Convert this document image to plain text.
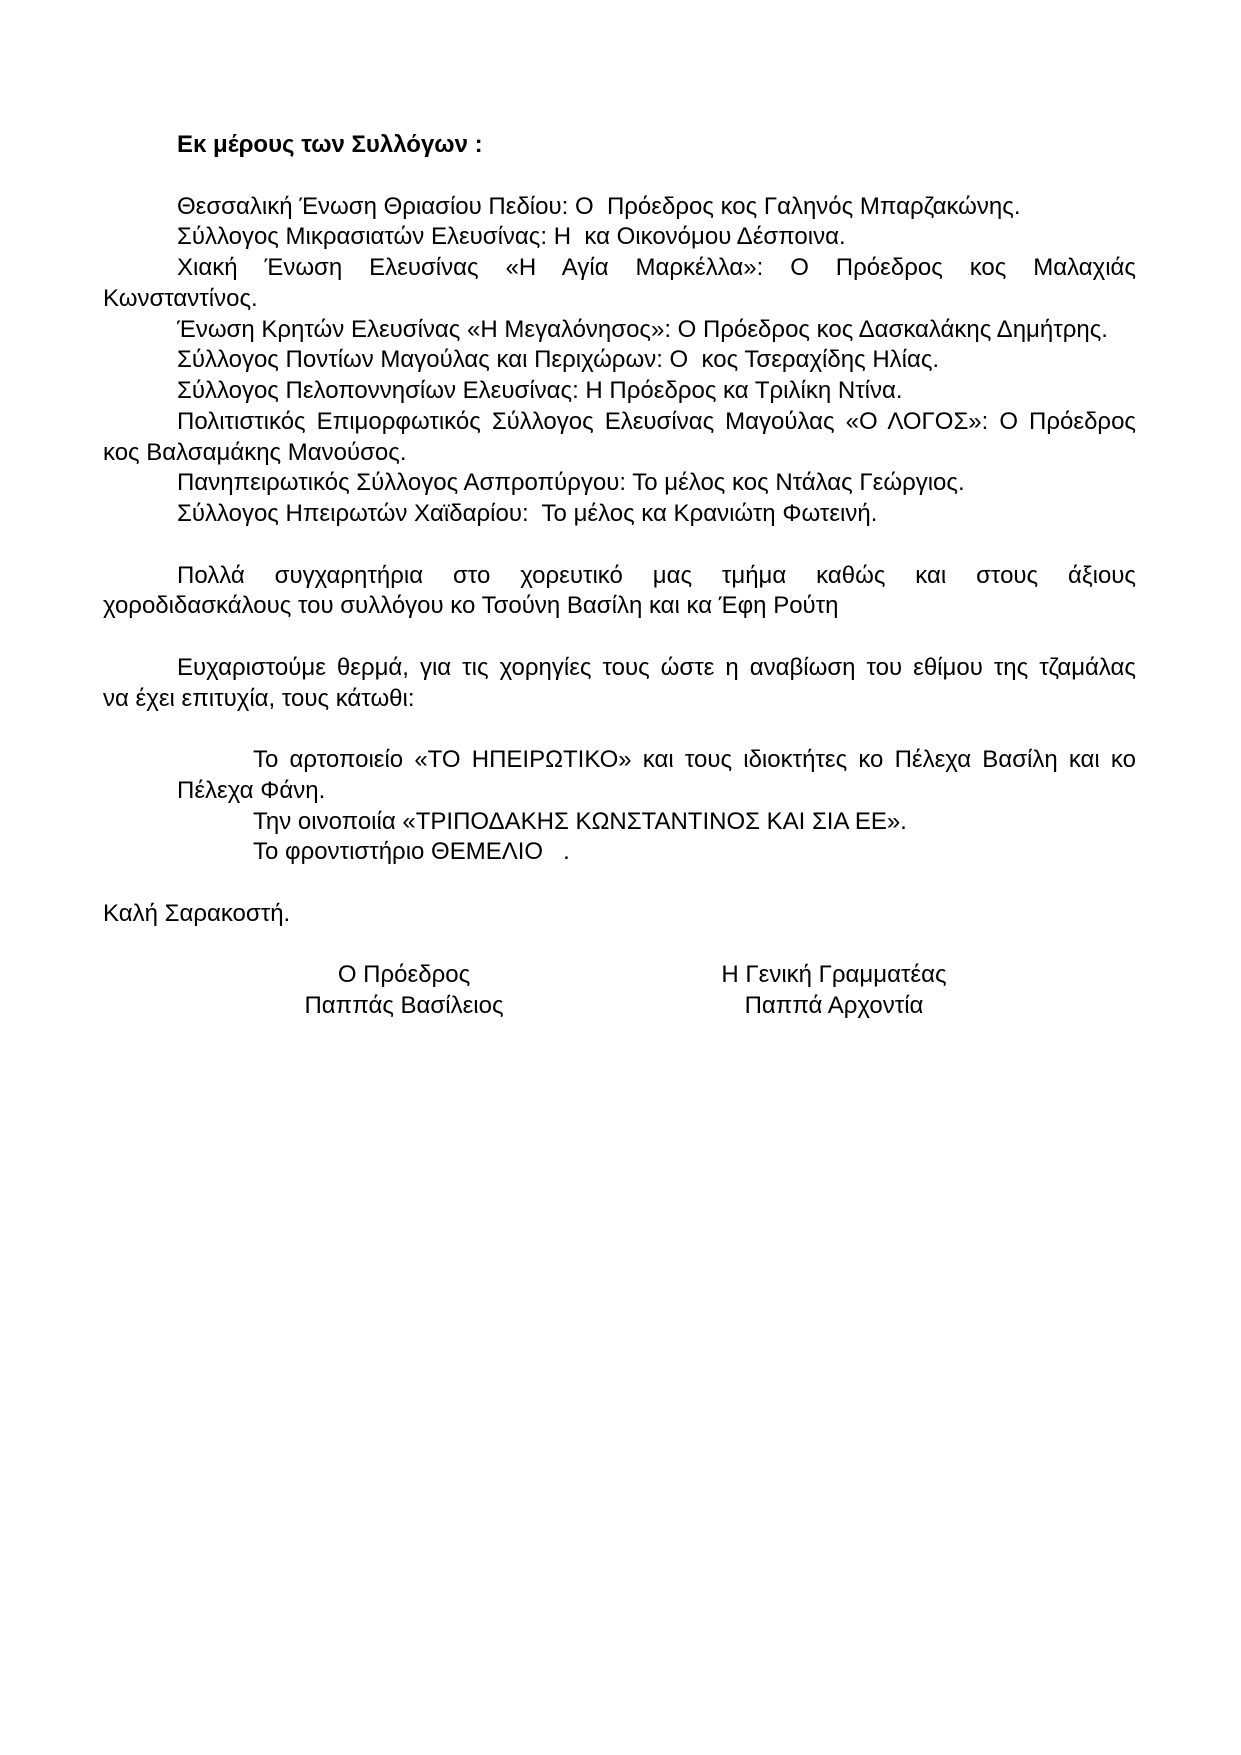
Εκ μέρους των Συλλόγων :
Θεσσαλική Ένωση Θριασίου Πεδίου: Ο  Πρόεδρος κος Γαληνός Μπαρζακώνης.
Σύλλογος Μικρασιατών Ελευσίνας: Η  κα Οικονόμου Δέσποινα.
Χιακή Ένωση Ελευσίνας «Η Αγία Μαρκέλλα»: Ο Πρόεδρος κος Μαλαχιάς
Κωνσταντίνος.
Ένωση Κρητών Ελευσίνας «Η Μεγαλόνησος»: Ο Πρόεδρος κος Δασκαλάκης Δημήτρης.
Σύλλογος Ποντίων Μαγούλας και Περιχώρων: Ο  κος Τσεραχίδης Ηλίας.
Σύλλογος Πελοποννησίων Ελευσίνας: Η Πρόεδρος κα Τριλίκη Ντίνα.
Πολιτιστικός Επιμορφωτικός Σύλλογος Ελευσίνας Μαγούλας «Ο ΛΟΓΟΣ»: Ο Πρόεδρος
κος Βαλσαμάκης Μανούσος.
Πανηπειρωτικός Σύλλογος Ασπροπύργου: Το μέλος κος Ντάλας Γεώργιος.
Σύλλογος Ηπειρωτών Χαϊδαρίου:  Το μέλος κα Κρανιώτη Φωτεινή.
Πολλά συγχαρητήρια στο χορευτικό μας τμήμα καθώς και στους άξιους
χοροδιδασκάλους του συλλόγου κο Τσούνη Βασίλη και κα Έφη Ρούτη
Ευχαριστούμε θερμά, για τις χορηγίες τους ώστε η αναβίωση του εθίμου της τζαμάλας
να έχει επιτυχία, τους κάτωθι:
Το αρτοποιείο «ΤΟ ΗΠΕΙΡΩΤΙΚΟ» και τους ιδιοκτήτες κο Πέλεχα Βασίλη και κο
Πέλεχα Φάνη.
Την οινοποιία «ΤΡΙΠΟΔΑΚΗΣ ΚΩΝΣΤΑΝΤΙΝΟΣ ΚΑΙ ΣΙΑ ΕΕ».
Το φροντιστήριο ΘΕΜΕΛΙΟ   .
Καλή Σαρακοστή.
Ο Πρόεδρος
Παππάς Βασίλειος
Η Γενική Γραμματέας
Παππά Αρχοντία
